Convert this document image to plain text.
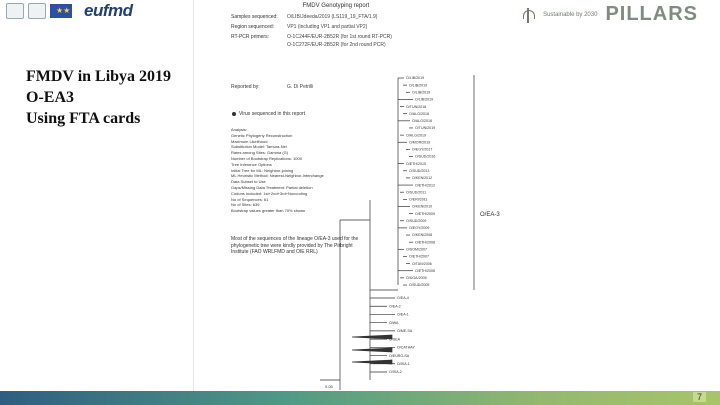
★★ eufmd	Sustainable by 2030 PILLARS
FMDV in Libya 2019
O-EA3
Using FTA cards
FMDV Genotyping report
Samples sequenced: O/LIB/Jdeeda/2019 (LS119_19_FTA/1.9)
Region sequenced:	VP1 (including VP1 and partial VP2)
RT-PCR primers:	O-1C244F/EUR-2B52R (for 1st round RT-PCR)
O-1C272F/EUR-2B52R (for 2nd round PCR)
Reported by:	G. Di Petrilli
Virus sequenced in this report
Analysis:
Genetic Phylogeny Reconstruction
Maximum Likelihood
Substitution Model: Tamura-Nei
Rates among Sites: Gamma (G)
Number of Bootstrap Replications: 1000
Tree Inference Options
Initial Tree for ML: Neighbor-joining
ML Heuristic Method: Nearest-Neighbor-Interchange
Data Subset to Use
Gaps/Missing Data Treatment: Partial deletion
Codons Included: 1st+2nd+3rd+Noncoding
No of Sequences: 61
No of Sites: 639
Bootstrap values greater than 70% shown
Most of the sequences of the lineage O/EA-3 used for the phylogenetic tree were kindly provided by The Pirbright Institute (FAO WRLFMD and OIE RRL)
O/EA-3
O/LIB/2019
O/LIB/2019
O/LIB/2019
O/LIB/2019
O/TUN/2018
O/ALG/2018
O/ALG/2018
O/TUN/2019
O/ALG/2019
O/MOR/2019
O/EGY/2017
O/SUD/2016
O/ETH/2015
O/SUD/2013
O/KEN/2012
O/ETH/2012
O/SUD/2011
O/ERI/2011
O/KEN/2010
O/ETH/2009
O/SUD/2009
O/EGY/2009
O/KEN/2008
O/ETH/2008
O/SOM/2007
O/ETH/2007
O/TAN/2006
O/ETH/2006
O/UGA/2005
O/SUD/2005
O/EA-4
O/EA-2
O/EA-1
O/WA
O/ME-SA
O/SEA
O/CATHAY
O/EURO-SA
O/ISA-1
O/ISA-2
0.05
7
